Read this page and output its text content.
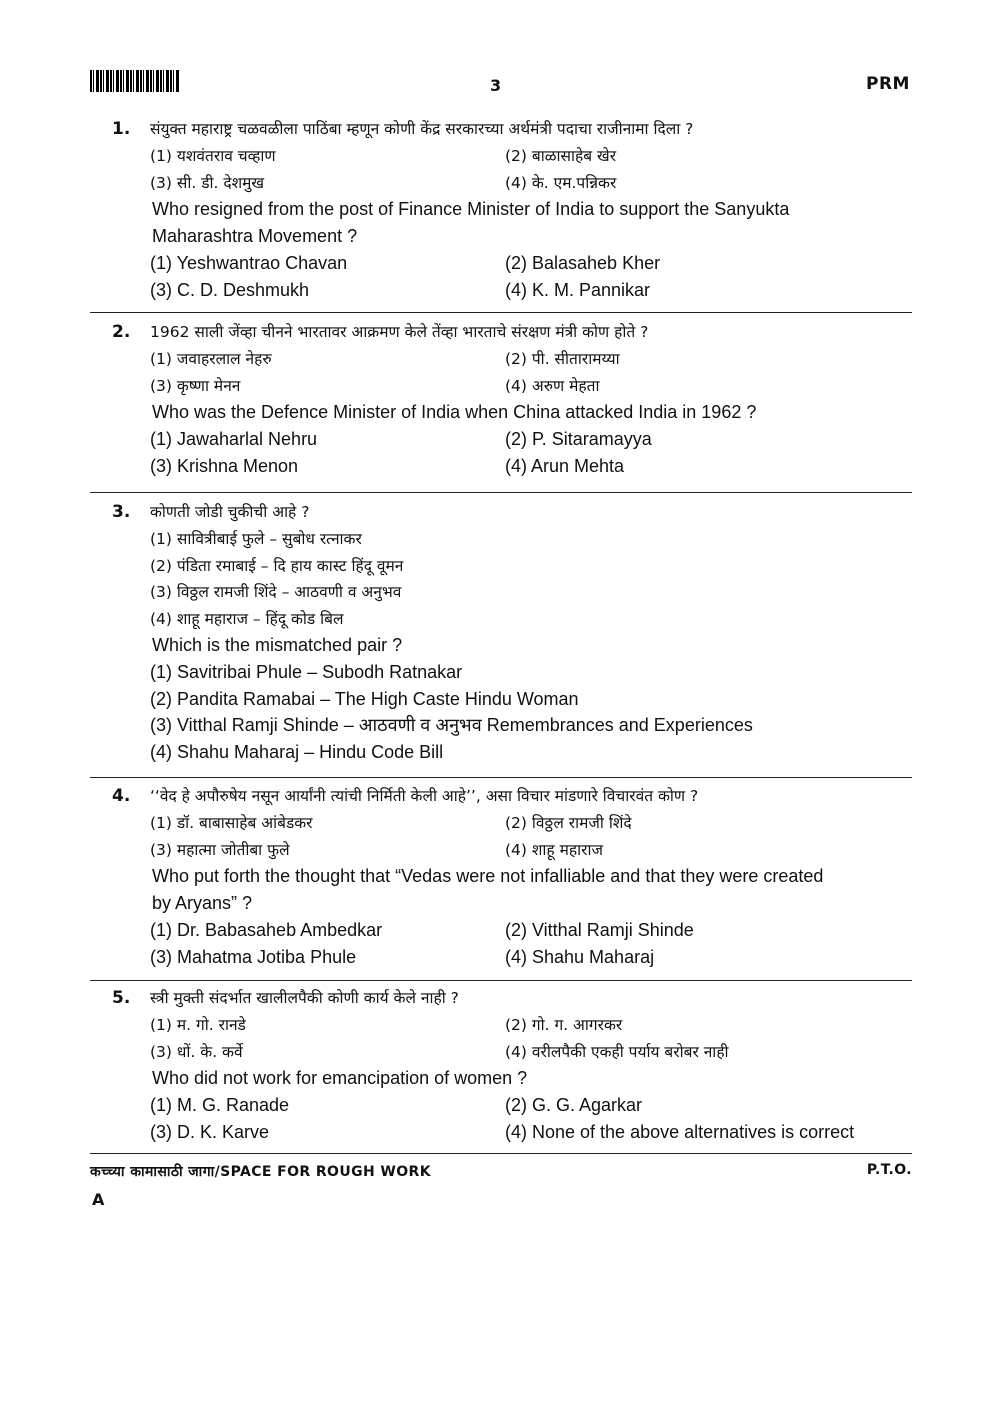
3	PRM
1.	संयुक्त महाराष्ट्र चळवळीला पाठिंबा म्हणून कोणी केंद्र सरकारच्या अर्थमंत्री पदाचा राजीनामा दिला ?
(1) यशवंतराव चव्हाण	(2) बाळासाहेब खेर
(3) सी. डी. देशमुख	(4) के. एम.पन्निकर
Who resigned from the post of Finance Minister of India to support the Sanyukta
Maharashtra Movement ?
(1) Yeshwantrao Chavan	(2) Balasaheb Kher
(3) C. D. Deshmukh	(4) K. M. Pannikar
2.	1962 साली जेंव्हा चीनने भारतावर आक्रमण केले तेंव्हा भारताचे संरक्षण मंत्री कोण होते ?
(1) जवाहरलाल नेहरु	(2) पी. सीतारामय्या
(3) कृष्णा मेनन	(4) अरुण मेहता
Who was the Defence Minister of India when China attacked India in 1962 ?
(1) Jawaharlal Nehru	(2) P. Sitaramayya
(3) Krishna Menon	(4) Arun Mehta
3.	कोणती जोडी चुकीची आहे ?
(1) सावित्रीबाई फुले – सुबोध रत्नाकर
(2) पंडिता रमाबाई – दि हाय कास्ट हिंदू वूमन
(3) विठ्ठल रामजी शिंदे – आठवणी व अनुभव
(4) शाहू महाराज – हिंदू कोड बिल
Which is the mismatched pair ?
(1) Savitribai Phule – Subodh Ratnakar
(2) Pandita Ramabai – The High Caste Hindu Woman
(3) Vitthal Ramji Shinde – आठवणी व अनुभव Remembrances and Experiences
(4) Shahu Maharaj – Hindu Code Bill
4.	‘‘वेद हे अपौरुषेय नसून आर्यांनी त्यांची निर्मिती केली आहे’’, असा विचार मांडणारे विचारवंत कोण ?
(1) डॉ. बाबासाहेब आंबेडकर	(2) विठ्ठल रामजी शिंदे
(3) महात्मा जोतीबा फुले	(4) शाहू महाराज
Who put forth the thought that “Vedas were not infalliable and that they were created
by Aryans” ?
(1) Dr. Babasaheb Ambedkar	(2) Vitthal Ramji Shinde
(3) Mahatma Jotiba Phule	(4) Shahu Maharaj
5.	स्त्री मुक्ती संदर्भात खालीलपैकी कोणी कार्य केले नाही ?
(1) म. गो. रानडे	(2) गो. ग. आगरकर
(3) धों. के. कर्वे	(4) वरीलपैकी एकही पर्याय बरोबर नाही
Who did not work for emancipation of women ?
(1) M. G. Ranade	(2) G. G. Agarkar
(3) D. K. Karve	(4) None of the above alternatives is correct
कच्च्या कामासाठी जागा/SPACE FOR ROUGH WORK	P.T.O.
A
